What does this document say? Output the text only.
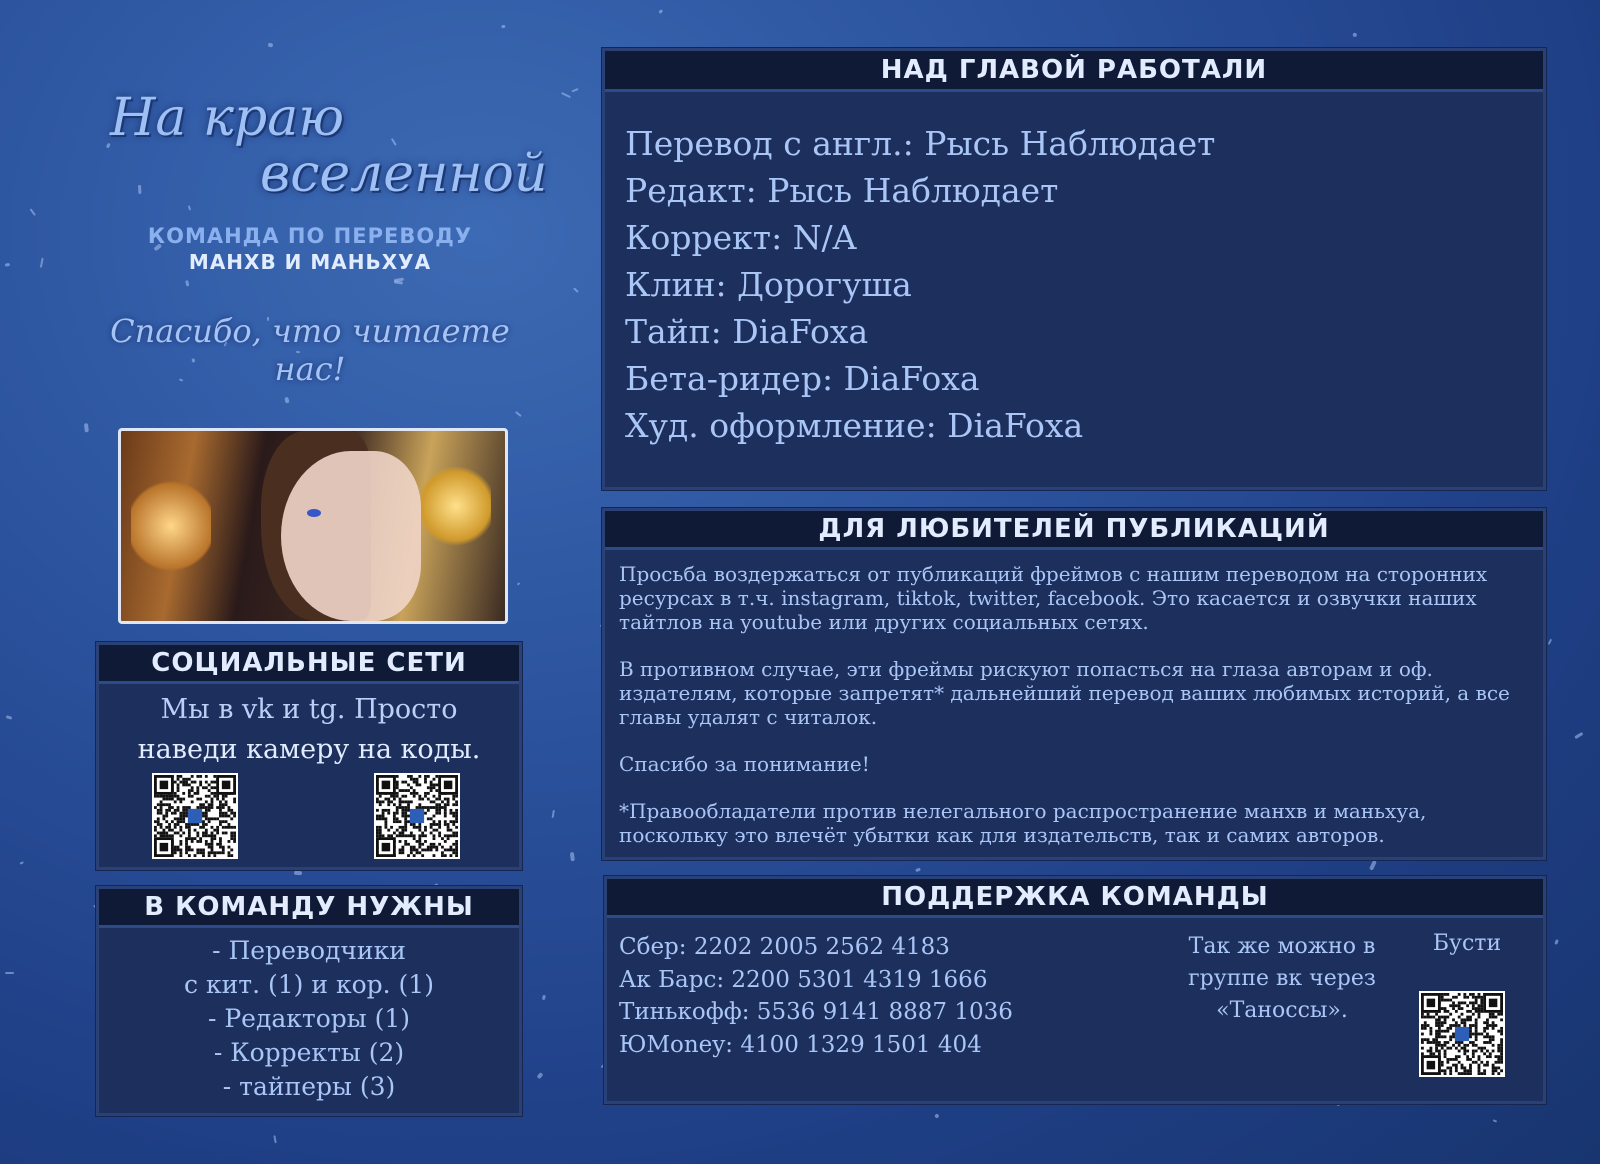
На краю
вселенной
КОМАНДА ПО ПЕРЕВОДУ
МАНХВ И МАНЬХУА
Спасибо, что читаете нас!
НАД ГЛАВОЙ РАБОТАЛИ
Перевод с англ.: Рысь Наблюдает
Редакт: Рысь Наблюдает
Коррект: N/A
Клин: Дорогуша
Тайп: DiaFoxa
Бета-ридер: DiaFoxa
Худ. оформление: DiaFoxa
ДЛЯ ЛЮБИТЕЛЕЙ ПУБЛИКАЦИЙ

Просьба воздержаться от публикаций фреймов с нашим переводом на сторонних ресурсах в т.ч. instagram, tiktok, twitter, facebook. Это касается и озвучки наших тайтлов на youtube или других социальных сетях.

В противном случае, эти фреймы рискуют попасться на глаза авторам и оф. издателям, которые запретят* дальнейший перевод ваших любимых историй, а все главы удалят с читалок.

Спасибо за понимание!

*Правообладатели против нелегального распространение манхв и маньхуа, поскольку это влечёт убытки как для издательств, так и самих авторов.

ПОДДЕРЖКА КОМАНДЫ
Сбер: 2202 2005 2562 4183
Ак Барс: 2200 5301 4319 1666
Тинькофф: 5536 9141 8887 1036
ЮMoney: 4100 1329 1501 404
Так же можно в
группе вк через
«Танoccы».
Бусти
СОЦИАЛЬНЫЕ СЕТИ
Мы в vk и tg. Просто
наведи камеру на коды.
В КОМАНДУ НУЖНЫ
- Переводчики
с кит. (1) и кор. (1)
- Редакторы (1)
- Корректы (2)
- тайперы (3)
